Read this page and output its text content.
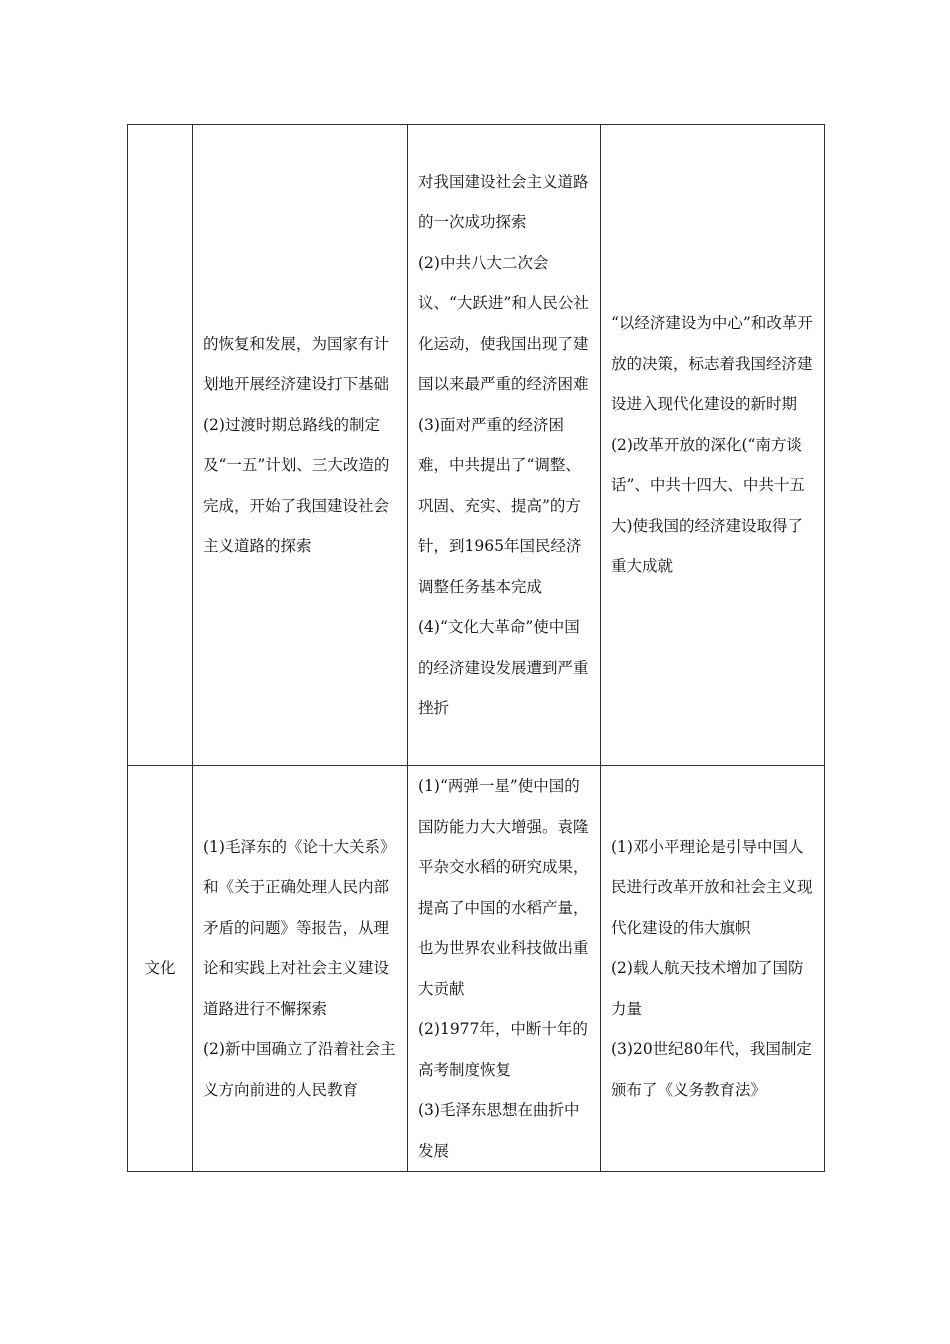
	的恢复和发展，为国家有计划地开展经济建设打下基础
(2)过渡时期总路线的制定及“一五”计划、三大改造的完成，开始了我国建设社会主义道路的探索	对我国建设社会主义道路的一次成功探索
(2)中共八大二次会议、“大跃进”和人民公社化运动，使我国出现了建国以来最严重的经济困难
(3)面对严重的经济困难，中共提出了“调整、巩固、充实、提高”的方针，到1965年国民经济调整任务基本完成
(4)“文化大革命”使中国的经济建设发展遭到严重挫折	“以经济建设为中心”和改革开放的决策，标志着我国经济建设进入现代化建设的新时期
(2)改革开放的深化(“南方谈话”、中共十四大、中共十五大)使我国的经济建设取得了重大成就

文化	(1)毛泽东的《论十大关系》和《关于正确处理人民内部矛盾的问题》等报告，从理论和实践上对社会主义建设道路进行不懈探索
(2)新中国确立了沿着社会主义方向前进的人民教育	(1)“两弹一星”使中国的国防能力大大增强。袁隆平杂交水稻的研究成果，提高了中国的水稻产量，也为世界农业科技做出重大贡献
(2)1977年，中断十年的高考制度恢复
(3)毛泽东思想在曲折中发展	(1)邓小平理论是引导中国人民进行改革开放和社会主义现代化建设的伟大旗帜
(2)载人航天技术增加了国防力量
(3)20世纪80年代，我国制定颁布了《义务教育法》
